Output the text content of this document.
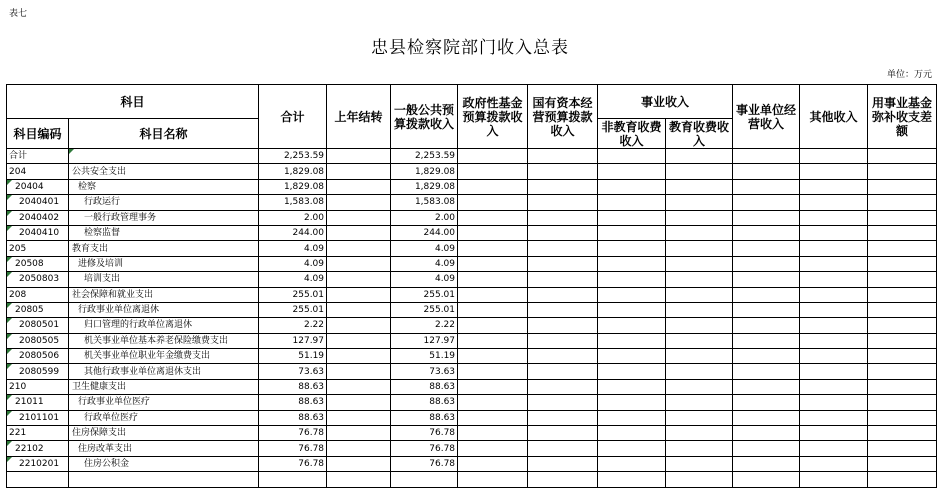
表七
忠县检察院部门收入总表
单位：万元
科目		合计	上年结转	一般公共预算拨款收入	政府性基金预算拨款收入	国有资本经营预算拨款收入	事业收入		事业单位经营收入	其他收入	用事业基金弥补收支差额
科目编码	科目名称						非教育收费收入	教育收费收入			
合计		2,253.59		2,253.59							
204	公共安全支出	1,829.08		1,829.08							
20404	检察	1,829.08		1,829.08							
2040401	行政运行	1,583.08		1,583.08							
2040402	一般行政管理事务	2.00		2.00							
2040410	检察监督	244.00		244.00							
205	教育支出	4.09		4.09							
20508	进修及培训	4.09		4.09							
2050803	培训支出	4.09		4.09							
208	社会保障和就业支出	255.01		255.01							
20805	行政事业单位离退休	255.01		255.01							
2080501	归口管理的行政单位离退休	2.22		2.22							
2080505	机关事业单位基本养老保险缴费支出	127.97		127.97							
2080506	机关事业单位职业年金缴费支出	51.19		51.19							
2080599	其他行政事业单位离退休支出	73.63		73.63							
210	卫生健康支出	88.63		88.63							
21011	行政事业单位医疗	88.63		88.63							
2101101	行政单位医疗	88.63		88.63							
221	住房保障支出	76.78		76.78							
22102	住房改革支出	76.78		76.78							
2210201	住房公积金	76.78		76.78							
